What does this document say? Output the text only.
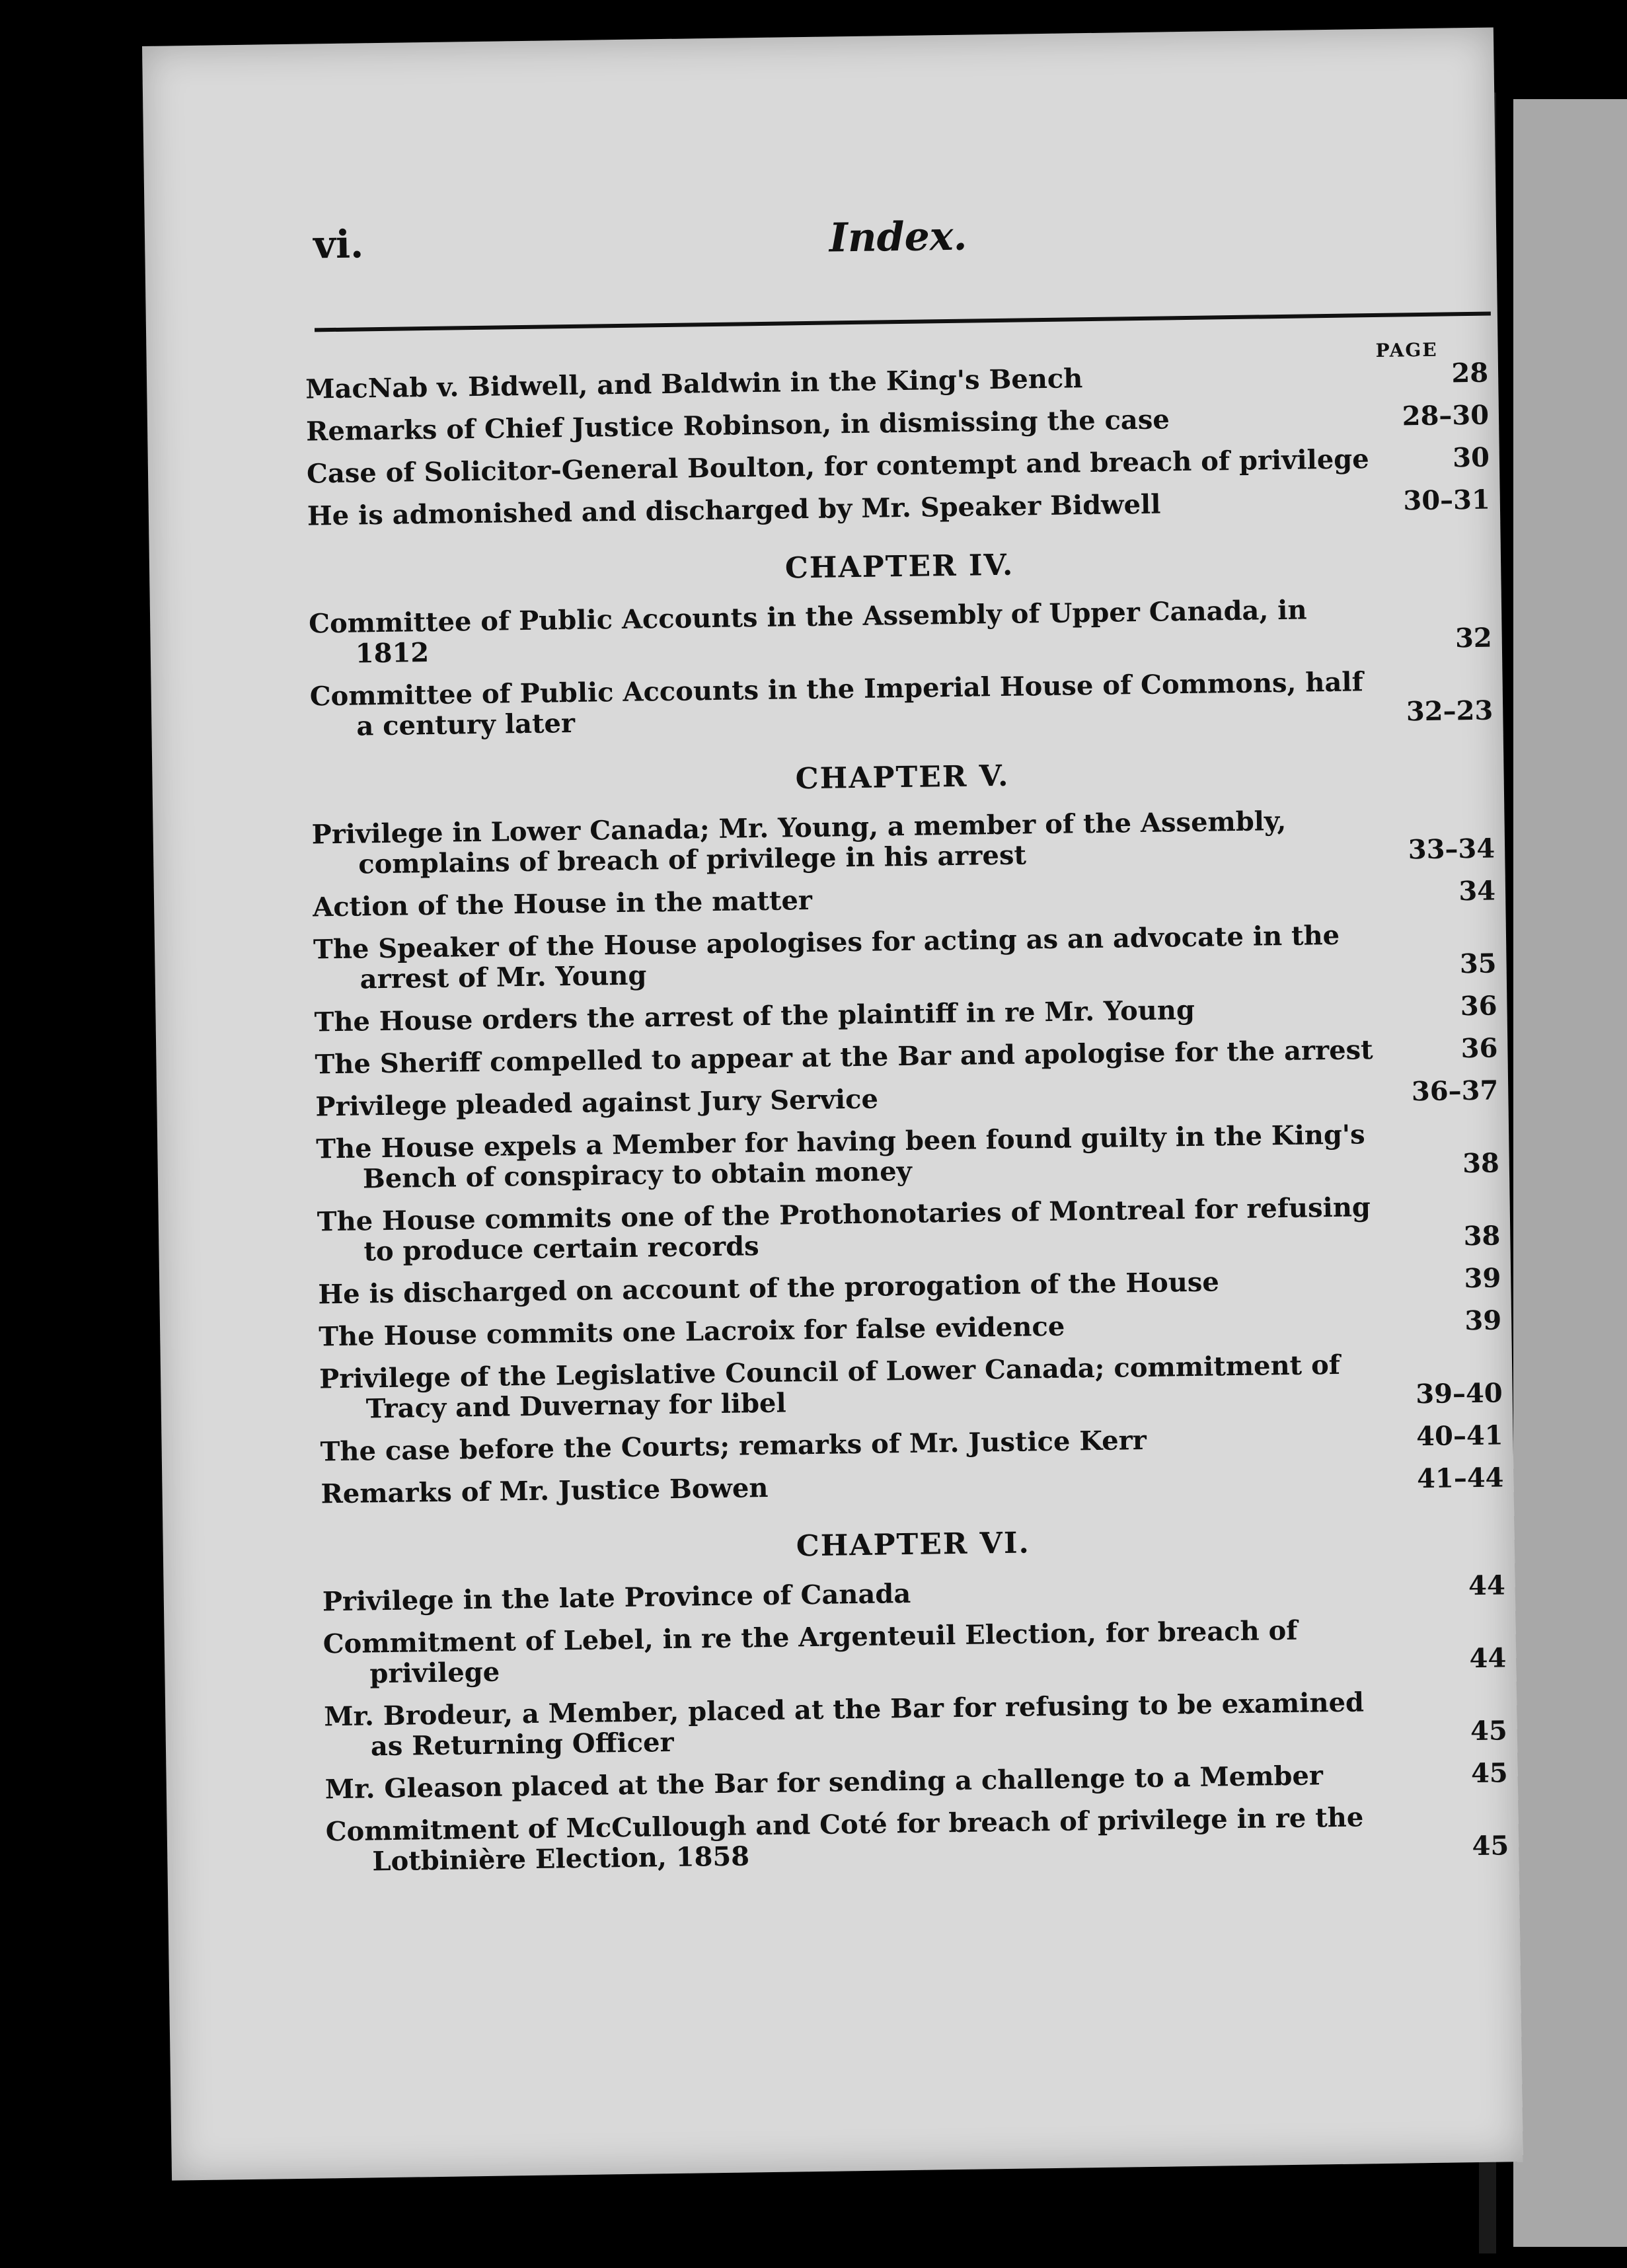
vi.	Index.
PAGE
MacNab v. Bidwell, and Baldwin in the King's Bench	28
Remarks of Chief Justice Robinson, in dismissing the case	28–30
Case of Solicitor-General Boulton, for contempt and breach of privilege	30
He is admonished and discharged by Mr. Speaker Bidwell	30–31
CHAPTER IV.
Committee of Public Accounts in the Assembly of Upper Canada, in
1812	32
Committee of Public Accounts in the Imperial House of Commons, half
a century later	32–23
CHAPTER V.
Privilege in Lower Canada; Mr. Young, a member of the Assembly,
complains of breach of privilege in his arrest	33–34
Action of the House in the matter	34
The Speaker of the House apologises for acting as an advocate in the
arrest of Mr. Young	35
The House orders the arrest of the plaintiff in re Mr. Young	36
The Sheriff compelled to appear at the Bar and apologise for the arrest	36
Privilege pleaded against Jury Service	36–37
The House expels a Member for having been found guilty in the King's
Bench of conspiracy to obtain money	38
The House commits one of the Prothonotaries of Montreal for refusing
to produce certain records	38
He is discharged on account of the prorogation of the House	39
The House commits one Lacroix for false evidence	39
Privilege of the Legislative Council of Lower Canada; commitment of
Tracy and Duvernay for libel	39–40
The case before the Courts; remarks of Mr. Justice Kerr	40–41
Remarks of Mr. Justice Bowen	41–44
CHAPTER VI.
Privilege in the late Province of Canada	44
Commitment of Lebel, in re the Argenteuil Election, for breach of
privilege	44
Mr. Brodeur, a Member, placed at the Bar for refusing to be examined
as Returning Officer	45
Mr. Gleason placed at the Bar for sending a challenge to a Member	45
Commitment of McCullough and Coté for breach of privilege in re the
Lotbinière Election, 1858	45
